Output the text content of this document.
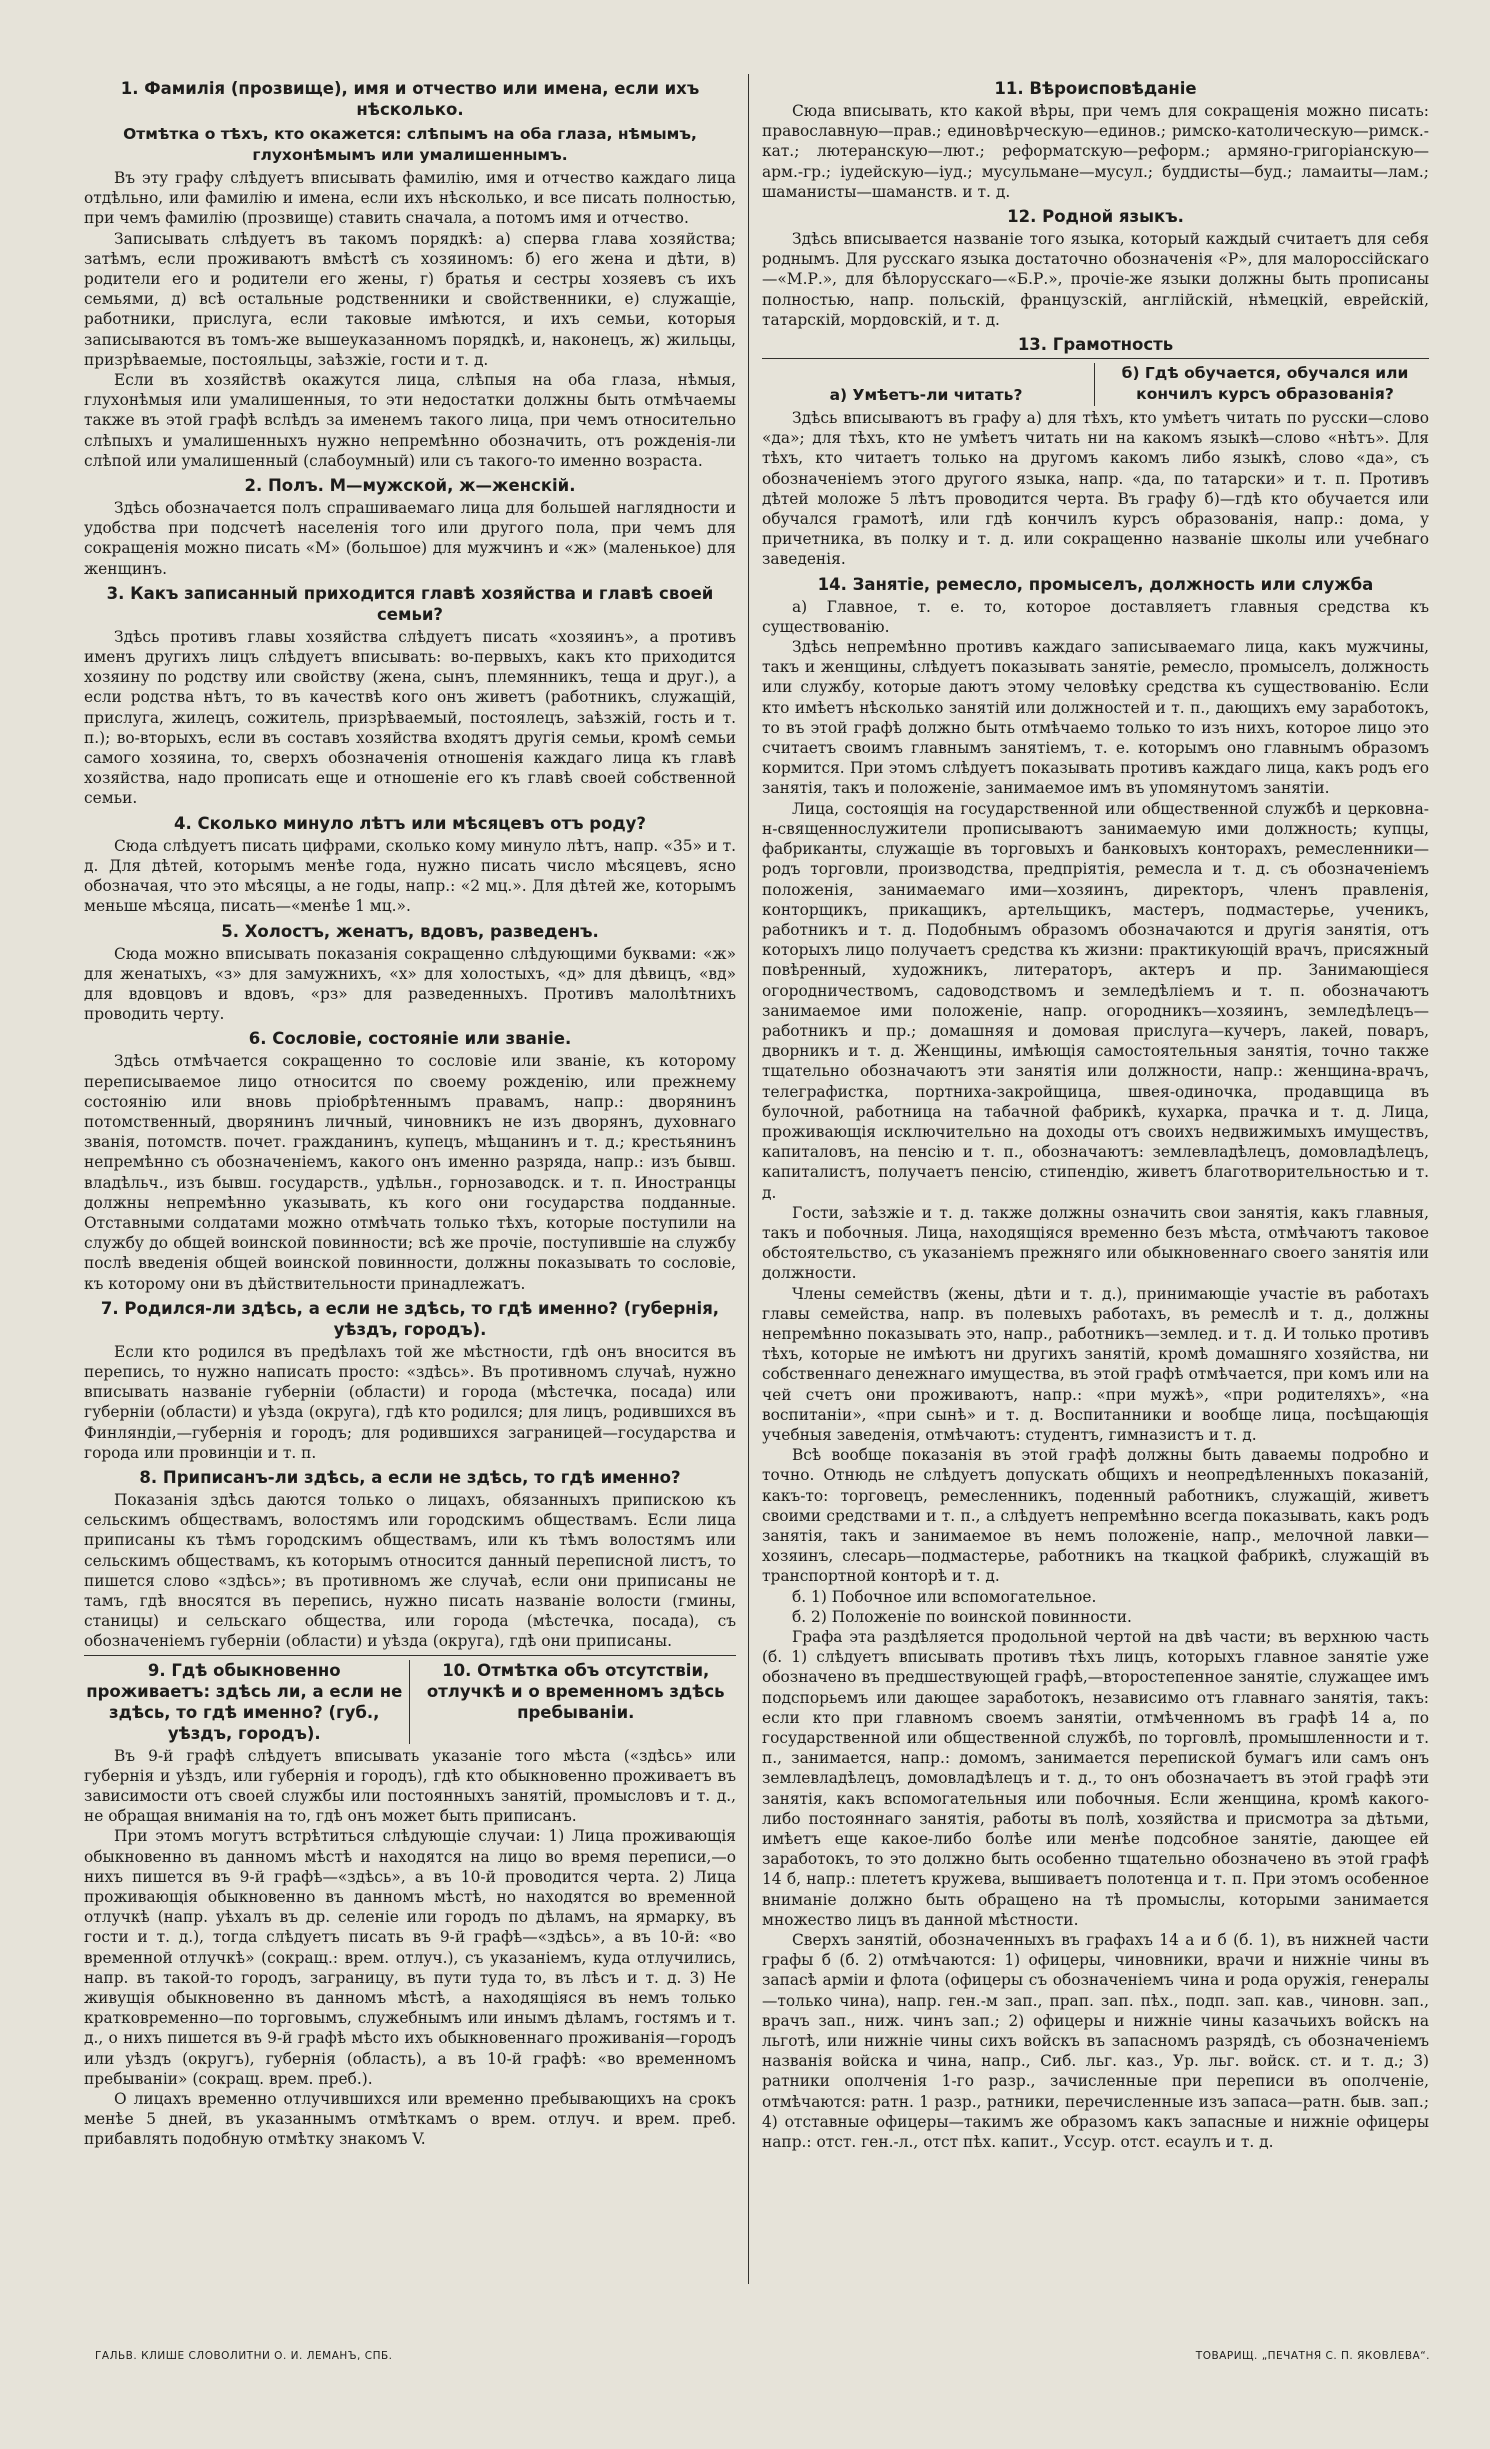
1. Фамилія (прозвище), имя и отчество или имена, если ихъ нѣсколько.
Отмѣтка о тѣхъ, кто окажется: слѣпымъ на оба глаза, нѣмымъ, глухонѣмымъ или умалишеннымъ.

Въ эту графу слѣдуетъ вписывать фамилію, имя и отчество каждаго лица отдѣльно, или фамилію и имена, если ихъ нѣсколько, и все писать полностью, при чемъ фамилію (прозвище) ставить сначала, а потомъ имя и отчество.

Записывать слѣдуетъ въ такомъ порядкѣ: а) сперва глава хозяйства; затѣмъ, если проживаютъ вмѣстѣ съ хозяиномъ: б) его жена и дѣти, в) родители его и родители его жены, г) братья и сестры хозяевъ съ ихъ семьями, д) всѣ остальные родственники и свойственники, е) служащіе, работники, прислуга, если таковые имѣются, и ихъ семьи, которыя записываются въ томъ-же вышеуказанномъ порядкѣ, и, наконецъ, ж) жильцы, призрѣваемые, постояльцы, заѣзжіе, гости и т. д.

Если въ хозяйствѣ окажутся лица, слѣпыя на оба глаза, нѣмыя, глухонѣмыя или умалишенныя, то эти недостатки должны быть отмѣчаемы также въ этой графѣ вслѣдъ за именемъ такого лица, при чемъ относительно слѣпыхъ и умалишенныхъ нужно непремѣнно обозначить, отъ рожденія-ли слѣпой или умалишенный (слабоумный) или съ такого-то именно возраста.

2. Полъ. М—мужской, ж—женскій.

Здѣсь обозначается полъ спрашиваемаго лица для большей наглядности и удобства при подсчетѣ населенія того или другого пола, при чемъ для сокращенія можно писать «М» (большое) для мужчинъ и «ж» (маленькое) для женщинъ.

3. Какъ записанный приходится главѣ хозяйства и главѣ своей семьи?

Здѣсь противъ главы хозяйства слѣдуетъ писать «хозяинъ», а противъ именъ другихъ лицъ слѣдуетъ вписывать: во-первыхъ, какъ кто приходится хозяину по родству или свойству (жена, сынъ, племянникъ, теща и друг.), а если родства нѣтъ, то въ качествѣ кого онъ живетъ (работникъ, служащій, прислуга, жилецъ, сожитель, призрѣваемый, постоялецъ, заѣзжій, гость и т. п.); во-вторыхъ, если въ составъ хозяйства входятъ другія семьи, кромѣ семьи самого хозяина, то, сверхъ обозначенія отношенія каждаго лица къ главѣ хозяйства, надо прописать еще и отношеніе его къ главѣ своей собственной семьи.

4. Сколько минуло лѣтъ или мѣсяцевъ отъ роду?

Сюда слѣдуетъ писать цифрами, сколько кому минуло лѣтъ, напр. «35» и т. д. Для дѣтей, которымъ менѣе года, нужно писать число мѣсяцевъ, ясно обозначая, что это мѣсяцы, а не годы, напр.: «2 мц.». Для дѣтей же, которымъ меньше мѣсяца, писать—«менѣе 1 мц.».

5. Холостъ, женатъ, вдовъ, разведенъ.

Сюда можно вписывать показанія сокращенно слѣдующими буквами: «ж» для женатыхъ, «з» для замужнихъ, «х» для холостыхъ, «д» для дѣвицъ, «вд» для вдовцовъ и вдовъ, «рз» для разведенныхъ. Противъ малолѣтнихъ проводить черту.

6. Сословіе, состояніе или званіе.

Здѣсь отмѣчается сокращенно то сословіе или званіе, къ которому переписываемое лицо относится по своему рожденію, или прежнему состоянію или вновь пріобрѣтеннымъ правамъ, напр.: дворянинъ потомственный, дворянинъ личный, чиновникъ не изъ дворянъ, духовнаго званія, потомств. почет. гражданинъ, купецъ, мѣщанинъ и т. д.; крестьянинъ непремѣнно съ обозначеніемъ, какого онъ именно разряда, напр.: изъ бывш. владѣльч., изъ бывш. государств., удѣльн., горнозаводск. и т. п. Иностранцы должны непремѣнно указывать, къ кого они государства подданные. Отставными солдатами можно отмѣчать только тѣхъ, которые поступили на службу до общей воинской повинности; всѣ же прочіе, поступившіе на службу послѣ введенія общей воинской повинности, должны показывать то сословіе, къ которому они въ дѣйствительности принадлежатъ.

7. Родился-ли здѣсь, а если не здѣсь, то гдѣ именно? (губернія, уѣздъ, городъ).

Если кто родился въ предѣлахъ той же мѣстности, гдѣ онъ вносится въ перепись, то нужно написать просто: «здѣсь». Въ противномъ случаѣ, нужно вписывать названіе губерніи (области) и города (мѣстечка, посада) или губерніи (области) и уѣзда (округа), гдѣ кто родился; для лицъ, родившихся въ Финляндіи,—губернія и городъ; для родившихся заграницей—государства и города или провинціи и т. п.

8. Приписанъ-ли здѣсь, а если не здѣсь, то гдѣ именно?

Показанія здѣсь даются только о лицахъ, обязанныхъ припискою къ сельскимъ обществамъ, волостямъ или городскимъ обществамъ. Если лица приписаны къ тѣмъ городскимъ обществамъ, или къ тѣмъ волостямъ или сельскимъ обществамъ, къ которымъ относится данный переписной листъ, то пишется слово «здѣсь»; въ противномъ же случаѣ, если они приписаны не тамъ, гдѣ вносятся въ перепись, нужно писать названіе волости (гмины, станицы) и сельскаго общества, или города (мѣстечка, посада), съ обозначеніемъ губерніи (области) и уѣзда (округа), гдѣ они приписаны.

9. Гдѣ обыкновенно проживаетъ: здѣсь ли, а если не здѣсь, то гдѣ именно? (губ., уѣздъ, городъ).
10. Отмѣтка объ отсутствіи, отлучкѣ и о временномъ здѣсь пребываніи.

Въ 9-й графѣ слѣдуетъ вписывать указаніе того мѣста («здѣсь» или губернія и уѣздъ, или губернія и городъ), гдѣ кто обыкновенно проживаетъ въ зависимости отъ своей службы или постоянныхъ занятій, промысловъ и т. д., не обращая вниманія на то, гдѣ онъ может быть приписанъ.

При этомъ могутъ встрѣтиться слѣдующіе случаи: 1) Лица проживающія обыкновенно въ данномъ мѣстѣ и находятся на лицо во время переписи,—о нихъ пишется въ 9-й графѣ—«здѣсь», а въ 10-й проводится черта. 2) Лица проживающія обыкновенно въ данномъ мѣстѣ, но находятся во временной отлучкѣ (напр. уѣхалъ въ др. селеніе или городъ по дѣламъ, на ярмарку, въ гости и т. д.), тогда слѣдуетъ писать въ 9-й графѣ—«здѣсь», а въ 10-й: «во временной отлучкѣ» (сокращ.: врем. отлуч.), съ указаніемъ, куда отлучились, напр. въ такой-то городъ, заграницу, въ пути туда то, въ лѣсъ и т. д. 3) Не живущія обыкновенно въ данномъ мѣстѣ, а находящіяся въ немъ только кратковременно—по торговымъ, служебнымъ или инымъ дѣламъ, гостямъ и т. д., о нихъ пишется въ 9-й графѣ мѣсто ихъ обыкновеннаго проживанія—городъ или уѣздъ (округъ), губернія (область), а въ 10-й графѣ: «во временномъ пребываніи» (сокращ. врем. преб.).

О лицахъ временно отлучившихся или временно пребывающихъ на срокъ менѣе 5 дней, въ указаннымъ отмѣткамъ о врем. отлуч. и врем. преб. прибавлять подобную отмѣтку знакомъ V.

11. Вѣроисповѣданіе

Сюда вписывать, кто какой вѣры, при чемъ для сокращенія можно писать: православную—прав.; единовѣрческую—единов.; римско-католическую—римск.-кат.; лютеранскую—лют.; реформатскую—реформ.; армяно-григоріанскую—арм.-гр.; іудейскую—іуд.; мусульмане—мусул.; буддисты—буд.; ламаиты—лам.; шаманисты—шаманств. и т. д.

12. Родной языкъ.

Здѣсь вписывается названіе того языка, который каждый считаетъ для себя роднымъ. Для русскаго языка достаточно обозначенія «Р», для малороссійскаго—«М.Р.», для бѣлорусскаго—«Б.Р.», прочіе-же языки должны быть прописаны полностью, напр. польскій, французскій, англійскій, нѣмецкій, еврейскій, татарскій, мордовскій, и т. д.

13. Грамотность
а) Умѣетъ-ли читать?
б) Гдѣ обучается, обучался или кончилъ курсъ образованія?

Здѣсь вписываютъ въ графу а) для тѣхъ, кто умѣетъ читать по русски—слово «да»; для тѣхъ, кто не умѣетъ читать ни на какомъ языкѣ—слово «нѣтъ». Для тѣхъ, кто читаетъ только на другомъ какомъ либо языкѣ, слово «да», съ обозначеніемъ этого другого языка, напр. «да, по татарски» и т. п. Противъ дѣтей моложе 5 лѣтъ проводится черта. Въ графу б)—гдѣ кто обучается или обучался грамотѣ, или гдѣ кончилъ курсъ образованія, напр.: дома, у причетника, въ полку и т. д. или сокращенно названіе школы или учебнаго заведенія.

14. Занятіе, ремесло, промыселъ, должность или служба

а) Главное, т. е. то, которое доставляетъ главныя средства къ существованію.

Здѣсь непремѣнно противъ каждаго записываемаго лица, какъ мужчины, такъ и женщины, слѣдуетъ показывать занятіе, ремесло, промыселъ, должность или службу, которые даютъ этому человѣку средства къ существованію. Если кто имѣетъ нѣсколько занятій или должностей и т. п., дающихъ ему заработокъ, то въ этой графѣ должно быть отмѣчаемо только то изъ нихъ, которое лицо это считаетъ своимъ главнымъ занятіемъ, т. е. которымъ оно главнымъ образомъ кормится. При этомъ слѣдуетъ показывать противъ каждаго лица, какъ родъ его занятія, такъ и положеніе, занимаемое имъ въ упомянутомъ занятіи.

Лица, состоящія на государственной или общественной службѣ и церковна-н-священнослужители прописываютъ занимаемую ими должность; купцы, фабриканты, служащіе въ торговыхъ и банковыхъ конторахъ, ремесленники—родъ торговли, производства, предпріятія, ремесла и т. д. съ обозначеніемъ положенія, занимаемаго ими—хозяинъ, директоръ, членъ правленія, конторщикъ, прикащикъ, артельщикъ, мастеръ, подмастерье, ученикъ, работникъ и т. д. Подобнымъ образомъ обозначаются и другія занятія, отъ которыхъ лицо получаетъ средства къ жизни: практикующій врачъ, присяжный повѣренный, художникъ, литераторъ, актеръ и пр. Занимающіеся огородничествомъ, садоводствомъ и земледѣліемъ и т. п. обозначаютъ занимаемое ими положеніе, напр. огородникъ—хозяинъ, земледѣлецъ—работникъ и пр.; домашняя и домовая прислуга—кучеръ, лакей, поваръ, дворникъ и т. д. Женщины, имѣющія самостоятельныя занятія, точно также тщательно обозначаютъ эти занятія или должности, напр.: женщина-врачъ, телеграфистка, портниха-закройщица, швея-одиночка, продавщица въ булочной, работница на табачной фабрикѣ, кухарка, прачка и т. д. Лица, проживающія исключительно на доходы отъ своихъ недвижимыхъ имуществъ, капиталовъ, на пенсію и т. п., обозначаютъ: землевладѣлецъ, домовладѣлецъ, капиталистъ, получаетъ пенсію, стипендію, живетъ благотворительностью и т. д.

Гости, заѣзжіе и т. д. также должны означить свои занятія, какъ главныя, такъ и побочныя. Лица, находящіяся временно безъ мѣста, отмѣчаютъ таковое обстоятельство, съ указаніемъ прежняго или обыкновеннаго своего занятія или должности.

Члены семействъ (жены, дѣти и т. д.), принимающіе участіе въ работахъ главы семейства, напр. въ полевыхъ работахъ, въ ремеслѣ и т. д., должны непремѣнно показывать это, напр., работникъ—землед. и т. д. И только противъ тѣхъ, которые не имѣютъ ни другихъ занятій, кромѣ домашняго хозяйства, ни собственнаго денежнаго имущества, въ этой графѣ отмѣчается, при комъ или на чей счетъ они проживаютъ, напр.: «при мужѣ», «при родителяхъ», «на воспитаніи», «при сынѣ» и т. д. Воспитанники и вообще лица, посѣщающія учебныя заведенія, отмѣчаютъ: студентъ, гимназистъ и т. д.

Всѣ вообще показанія въ этой графѣ должны быть даваемы подробно и точно. Отнюдь не слѣдуетъ допускать общихъ и неопредѣленныхъ показаній, какъ-то: торговецъ, ремесленникъ, поденный работникъ, служащій, живетъ своими средствами и т. п., а слѣдуетъ непремѣнно всегда показывать, какъ родъ занятія, такъ и занимаемое въ немъ положеніе, напр., мелочной лавки—хозяинъ, слесарь—подмастерье, работникъ на ткацкой фабрикѣ, служащій въ транспортной конторѣ и т. д.

б. 1) Побочное или вспомогательное.

б. 2) Положеніе по воинской повинности.

Графа эта раздѣляется продольной чертой на двѣ части; въ верхнюю часть (б. 1) слѣдуетъ вписывать противъ тѣхъ лицъ, которыхъ главное занятіе уже обозначено въ предшествующей графѣ,—второстепенное занятіе, служащее имъ подспорьемъ или дающее заработокъ, независимо отъ главнаго занятія, такъ: если кто при главномъ своемъ занятіи, отмѣченномъ въ графѣ 14 а, по государственной или общественной службѣ, по торговлѣ, промышленности и т. п., занимается, напр.: домомъ, занимается перепиской бумагъ или самъ онъ землевладѣлецъ, домовладѣлецъ и т. д., то онъ обозначаетъ въ этой графѣ эти занятія, какъ вспомогательныя или побочныя. Если женщина, кромѣ какого-либо постояннаго занятія, работы въ полѣ, хозяйства и присмотра за дѣтьми, имѣетъ еще какое-либо болѣе или менѣе подсобное занятіе, дающее ей заработокъ, то это должно быть особенно тщательно обозначено въ этой графѣ 14 б, напр.: плететъ кружева, вышиваетъ полотенца и т. п. При этомъ особенное вниманіе должно быть обращено на тѣ промыслы, которыми занимается множество лицъ въ данной мѣстности.

Сверхъ занятій, обозначенныхъ въ графахъ 14 а и б (б. 1), въ нижней части графы б (б. 2) отмѣчаются: 1) офицеры, чиновники, врачи и нижніе чины въ запасѣ арміи и флота (офицеры съ обозначеніемъ чина и рода оружія, генералы—только чина), напр. ген.-м зап., прап. зап. пѣх., подп. зап. кав., чиновн. зап., врачъ зап., ниж. чинъ зап.; 2) офицеры и нижніе чины казачьихъ войскъ на льготѣ, или нижніе чины сихъ войскъ въ запасномъ разрядѣ, съ обозначеніемъ названія войска и чина, напр., Сиб. льг. каз., Ур. льг. войск. ст. и т. д.; 3) ратники ополченія 1-го разр., зачисленные при переписи въ ополченіе, отмѣчаются: ратн. 1 разр., ратники, перечисленные изъ запаса—ратн. быв. зап.; 4) отставные офицеры—такимъ же образомъ какъ запасные и нижніе офицеры напр.: отст. ген.-л., отст пѣх. капит., Уссур. отст. есаулъ и т. д.

ГАЛЬВ. КЛИШЕ СЛОВОЛИТНИ О. И. ЛЕМАНЪ, СПБ.	ТОВАРИЩ. „ПЕЧАТНЯ С. П. ЯКОВЛЕВА“.
